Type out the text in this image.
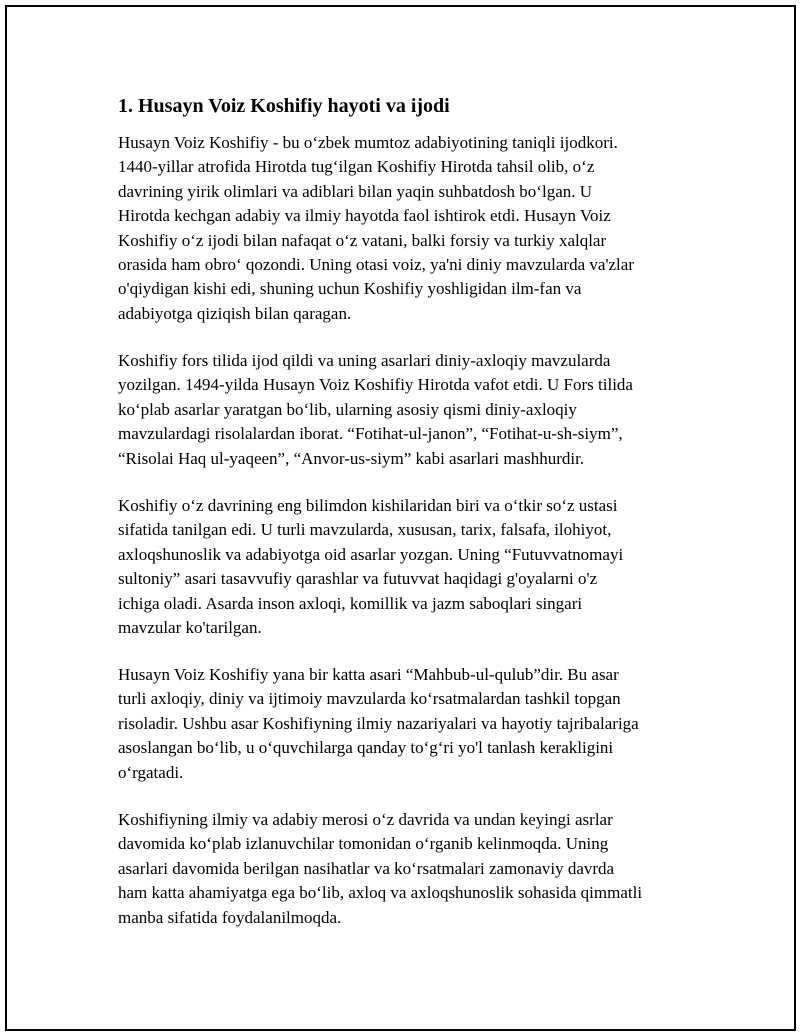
1. Husayn Voiz Koshifiy hayoti va ijodi

Husayn Voiz Koshifiy - bu o‘zbek mumtoz adabiyotining taniqli ijodkori.
1440-yillar atrofida Hirotda tug‘ilgan Koshifiy Hirotda tahsil olib, o‘z
davrining yirik olimlari va adiblari bilan yaqin suhbatdosh bo‘lgan. U
Hirotda kechgan adabiy va ilmiy hayotda faol ishtirok etdi. Husayn Voiz
Koshifiy o‘z ijodi bilan nafaqat o‘z vatani, balki forsiy va turkiy xalqlar
orasida ham obro‘ qozondi. Uning otasi voiz, ya'ni diniy mavzularda va'zlar
o'qiydigan kishi edi, shuning uchun Koshifiy yoshligidan ilm-fan va
adabiyotga qiziqish bilan qaragan.

Koshifiy fors tilida ijod qildi va uning asarlari diniy-axloqiy mavzularda
yozilgan. 1494-yilda Husayn Voiz Koshifiy Hirotda vafot etdi. U Fors tilida
ko‘plab asarlar yaratgan bo‘lib, ularning asosiy qismi diniy-axloqiy
mavzulardagi risolalardan iborat. “Fotihat-ul-janon”, “Fotihat-u-sh-siym”,
“Risolai Haq ul-yaqeen”, “Anvor-us-siym” kabi asarlari mashhurdir.

Koshifiy o‘z davrining eng bilimdon kishilaridan biri va o‘tkir so‘z ustasi
sifatida tanilgan edi. U turli mavzularda, xususan, tarix, falsafa, ilohiyot,
axloqshunoslik va adabiyotga oid asarlar yozgan. Uning “Futuvvatnomayi
sultoniy” asari tasavvufiy qarashlar va futuvvat haqidagi g'oyalarni o'z
ichiga oladi. Asarda inson axloqi, komillik va jazm saboqlari singari
mavzular ko'tarilgan.

Husayn Voiz Koshifiy yana bir katta asari “Mahbub-ul-qulub”dir. Bu asar
turli axloqiy, diniy va ijtimoiy mavzularda ko‘rsatmalardan tashkil topgan
risoladir. Ushbu asar Koshifiyning ilmiy nazariyalari va hayotiy tajribalariga
asoslangan bo‘lib, u o‘quvchilarga qanday to‘g‘ri yo'l tanlash kerakligini
o‘rgatadi.

Koshifiyning ilmiy va adabiy merosi o‘z davrida va undan keyingi asrlar
davomida ko‘plab izlanuvchilar tomonidan o‘rganib kelinmoqda. Uning
asarlari davomida berilgan nasihatlar va ko‘rsatmalari zamonaviy davrda
ham katta ahamiyatga ega bo‘lib, axloq va axloqshunoslik sohasida qimmatli
manba sifatida foydalanilmoqda.
